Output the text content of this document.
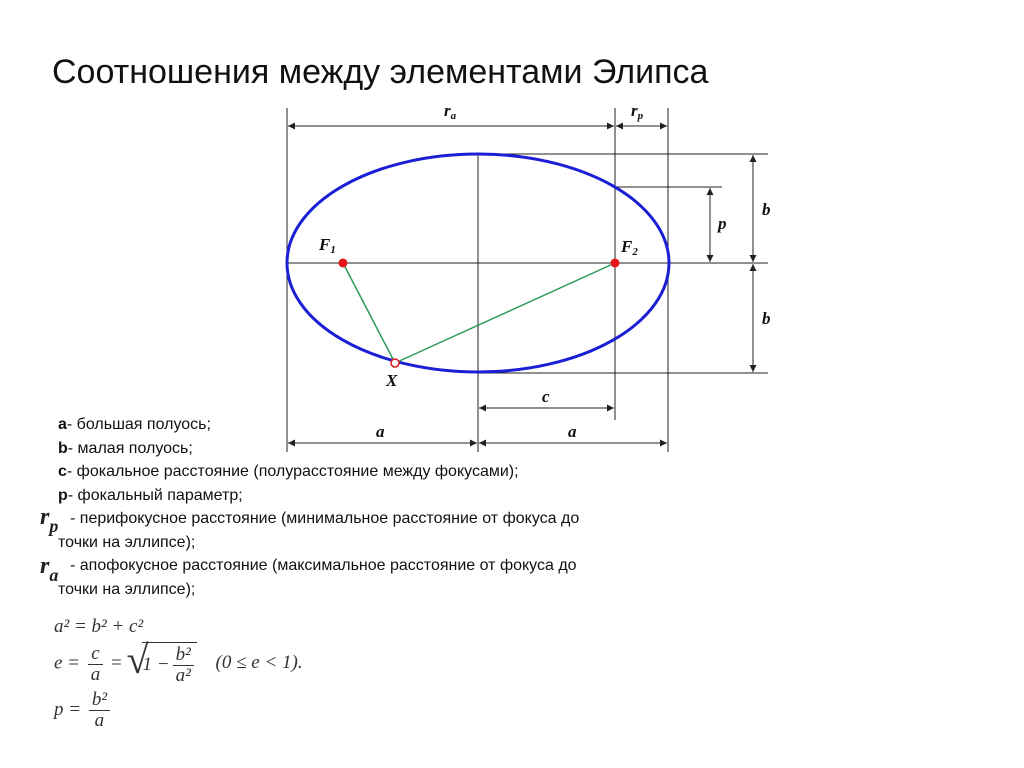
Соотношения между элементами Элипса
ra	rp
b
b
p
F1	F2
X
c
a	a
$r_p$
$r_a$
a- большая полуось;
b- малая полуось;
c- фокальное расстояние (полурасстояние между фокусами);
p- фокальный параметр;
- перифокусное расстояние (минимальное расстояние от фокуса до
точки на эллипсе);
- апофокусное расстояние (максимальное расстояние от фокуса до
точки на эллипсе);
a² = b² + c²
$e = \frac{c}{a}$ = √
$1 - \frac{\text{b²}}{\text{a²}} (0 \le e < 1)$.
$p = \frac{\text{b²}}{a}$
